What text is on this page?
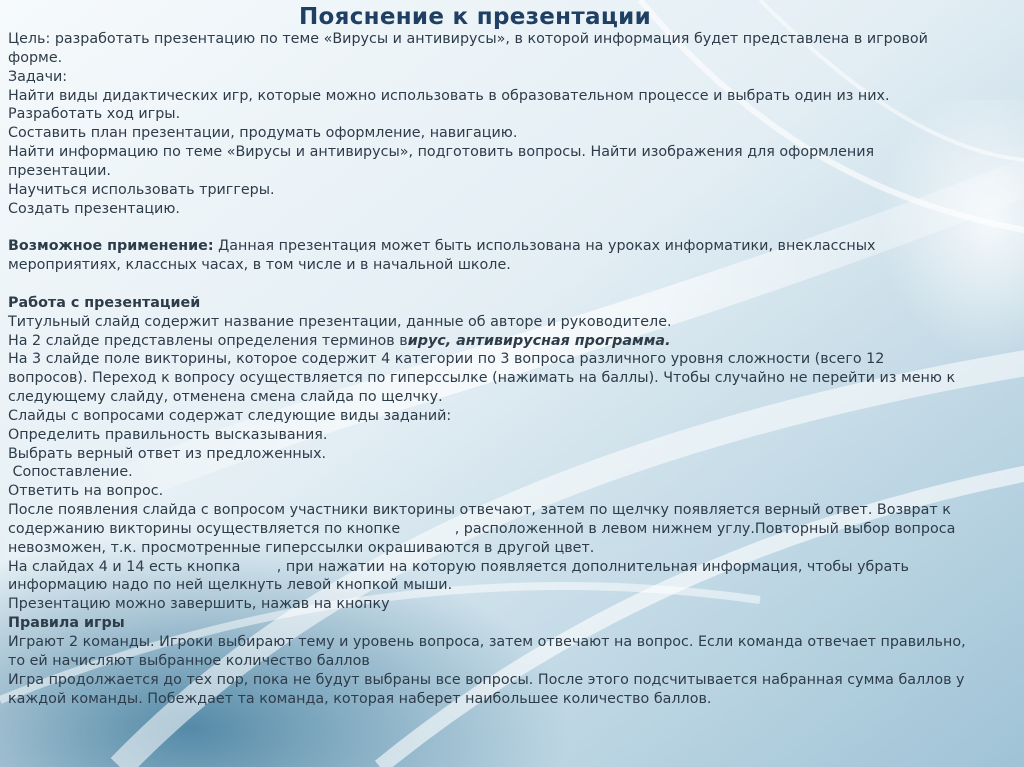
Пояснение к презентации

Цель: разработать презентацию по теме «Вирусы и антивирусы», в которой информация будет представлена в игровой

форме.

Задачи:

Найти виды дидактических игр, которые можно использовать в образовательном процессе и выбрать один из них.

Разработать ход игры.

Составить план презентации, продумать оформление, навигацию.

Найти информацию по теме «Вирусы и антивирусы», подготовить вопросы. Найти изображения для оформления

презентации.

Научиться использовать триггеры.

Создать презентацию.

Возможное применение: Данная презентация может быть использована на уроках информатики, внеклассных

мероприятиях, классных часах, в том числе и в начальной школе.

Работа с презентацией

Титульный слайд содержит название презентации, данные об авторе и руководителе.

На 2 слайде представлены определения терминов вирус, антивирусная программа.

На 3 слайде поле викторины, которое содержит 4 категории по 3 вопроса различного уровня сложности (всего 12

вопросов). Переход к вопросу осуществляется по гиперссылке (нажимать на баллы). Чтобы случайно не перейти из меню к

следующему слайду, отменена смена слайда по щелчку.

Слайды с вопросами содержат следующие виды заданий:

Определить правильность высказывания.

Выбрать верный ответ из предложенных.

Сопоставление.

Ответить на вопрос.

После появления слайда с вопросом участники викторины отвечают, затем по щелчку появляется верный ответ. Возврат к

содержанию викторины осуществляется по кнопке            , расположенной в левом нижнем углу.Повторный выбор вопроса

невозможен, т.к. просмотренные гиперссылки окрашиваются в другой цвет.

На слайдах 4 и 14 есть кнопка        , при нажатии на которую появляется дополнительная информация, чтобы убрать

информацию надо по ней щелкнуть левой кнопкой мыши.

Презентацию можно завершить, нажав на кнопку

Правила игры

Играют 2 команды. Игроки выбирают тему и уровень вопроса, затем отвечают на вопрос. Если команда отвечает правильно,

то ей начисляют выбранное количество баллов

Игра продолжается до тех пор, пока не будут выбраны все вопросы. После этого подсчитывается набранная сумма баллов у

каждой команды. Побеждает та команда, которая наберет наибольшее количество баллов.
